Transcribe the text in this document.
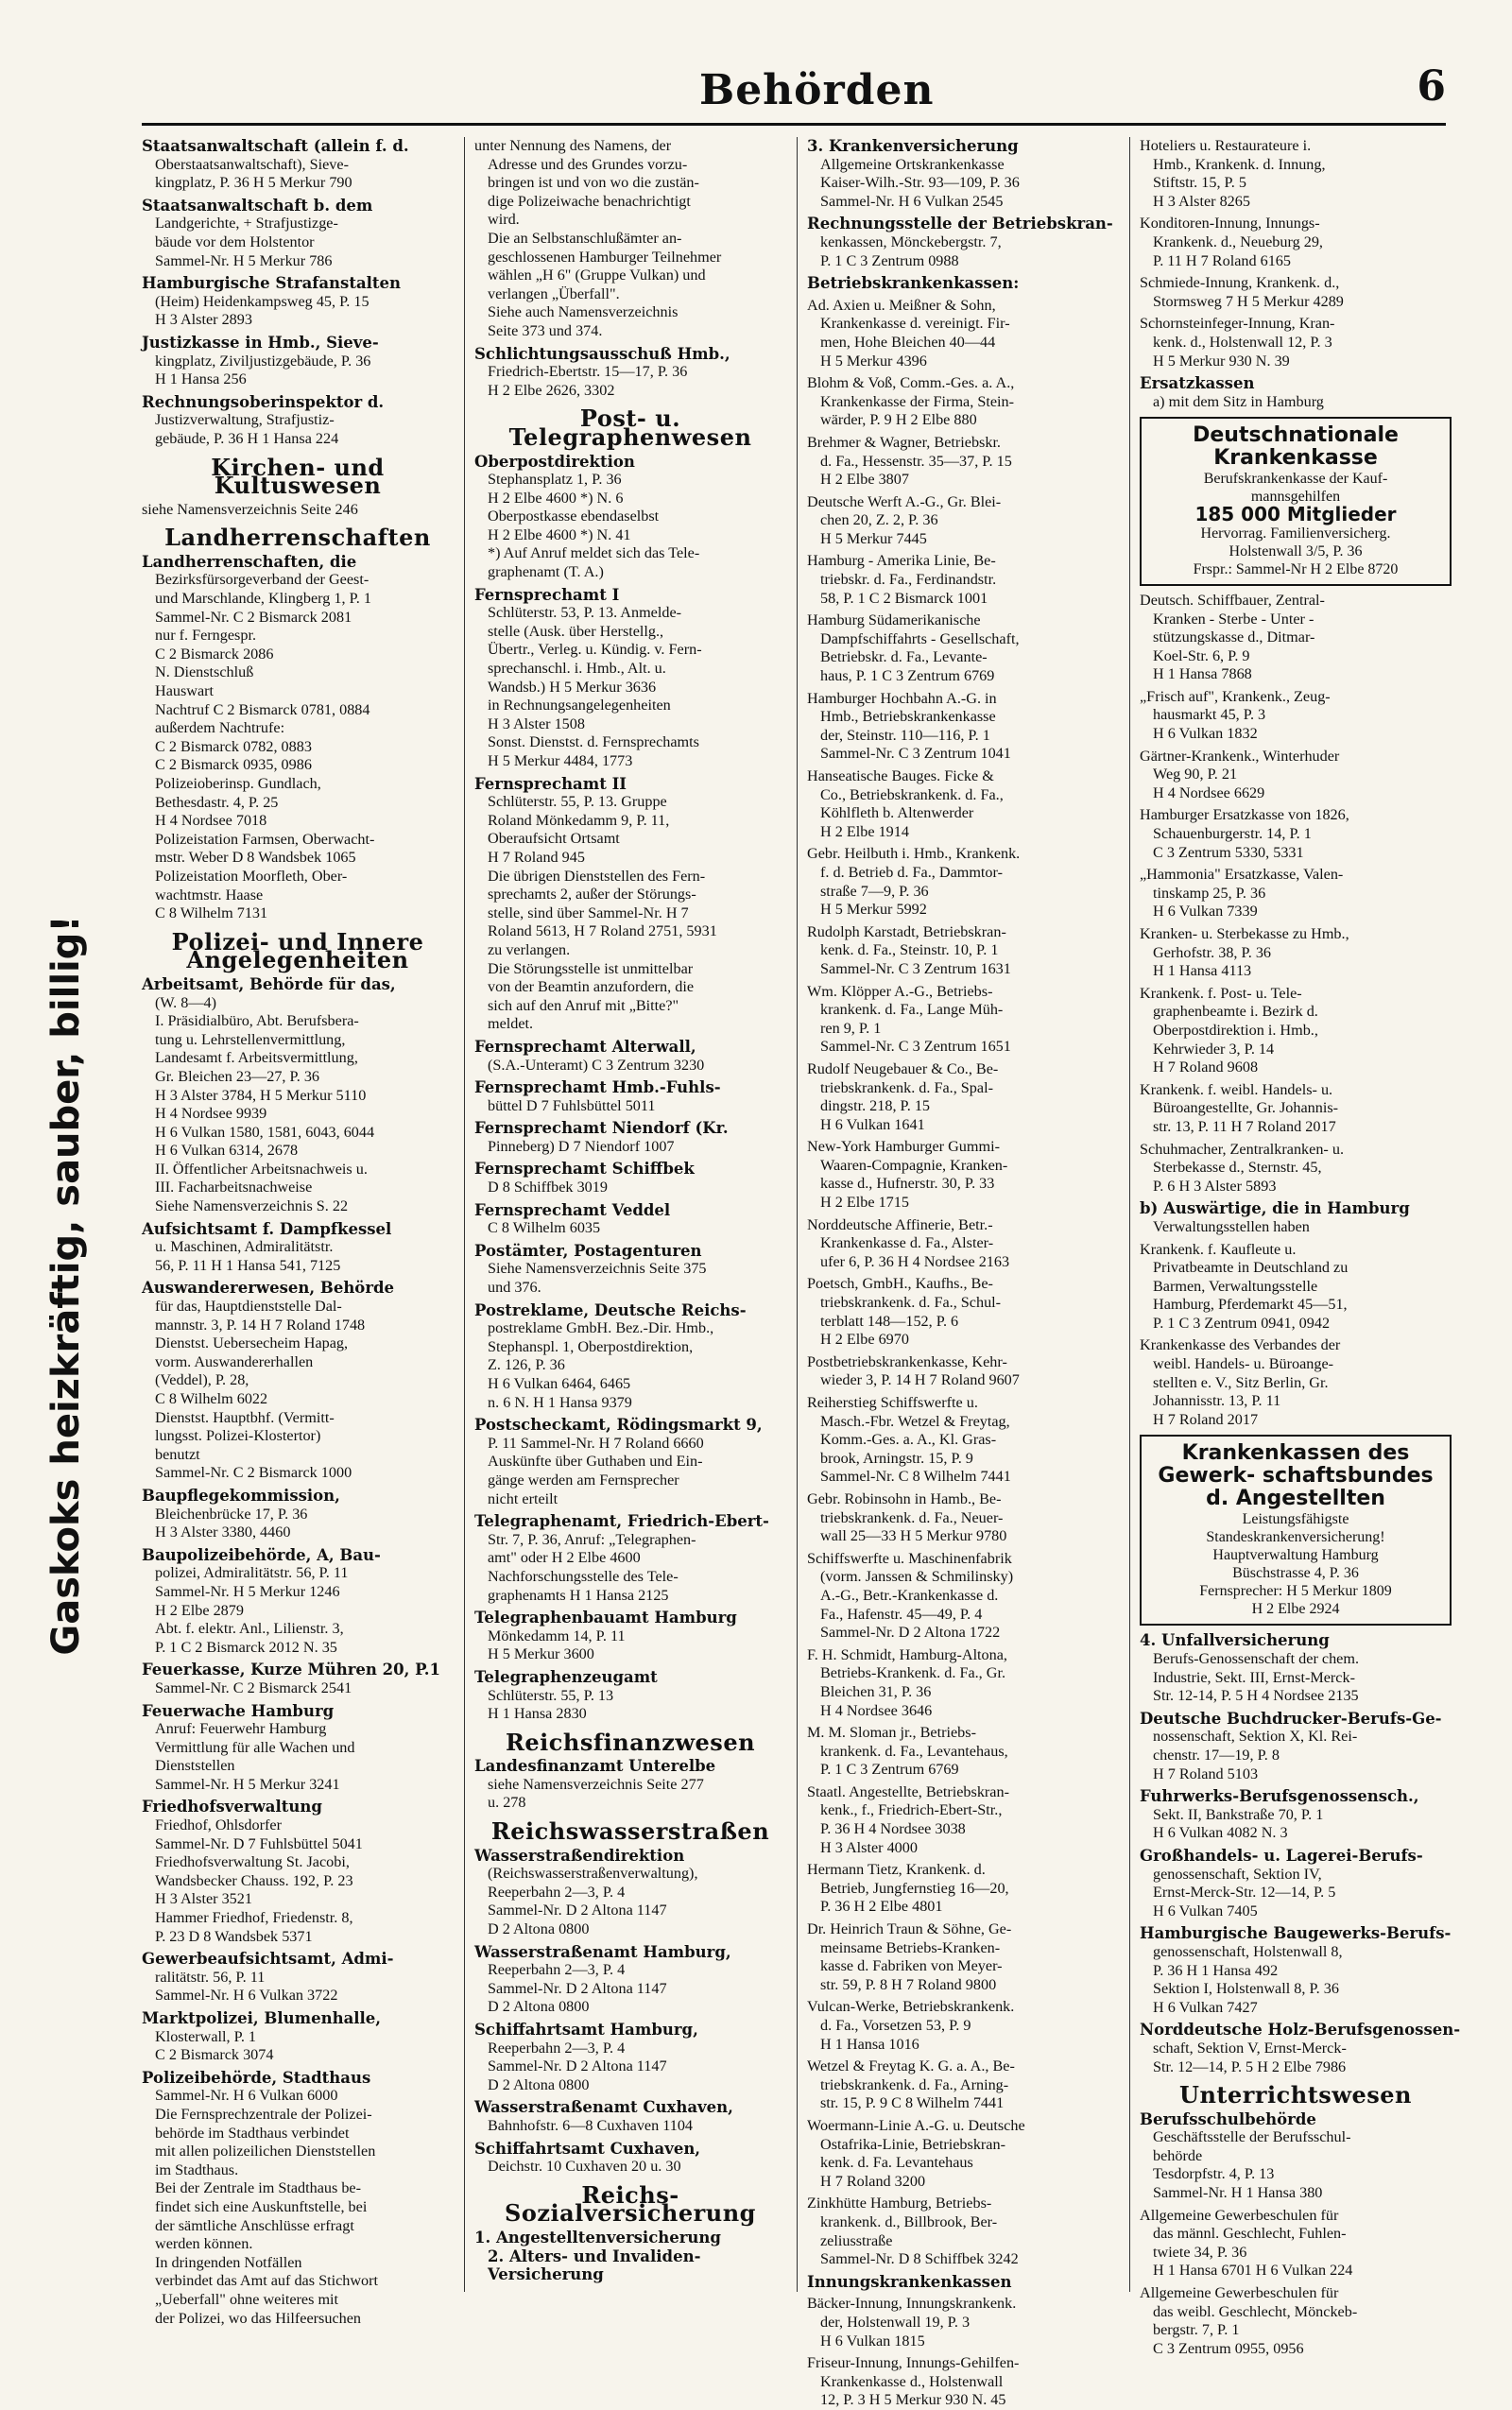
Behörden	6
Gaskoks heizkräftig, sauber, billig!
Staatsanwaltschaft (allein f. d.
Oberstaatsanwaltschaft), Sieve-
kingplatz, P. 36 H 5 Merkur 790
Staatsanwaltschaft b. dem
Landgerichte, + Strafjustizge-
bäude vor dem Holstentor
Sammel-Nr. H 5 Merkur 786
Hamburgische Strafanstalten
(Heim) Heidenkampsweg 45, P. 15
H 3 Alster 2893
Justizkasse in Hmb., Sieve-
kingplatz, Ziviljustizgebäude, P. 36
H 1 Hansa 256
Rechnungsoberinspektor d.
Justizverwaltung, Strafjustiz-
gebäude, P. 36 H 1 Hansa 224
Kirchen- und Kultuswesen
siehe Namensverzeichnis Seite 246
Landherrenschaften
Landherrenschaften, die
Bezirksfürsorgeverband der Geest-
und Marschlande, Klingberg 1, P. 1
Sammel-Nr. C 2 Bismarck 2081
nur f. Ferngespr.
C 2 Bismarck 2086
N. Dienstschluß
Hauswart
Nachtruf C 2 Bismarck 0781, 0884
außerdem Nachtrufe:
C 2 Bismarck 0782, 0883
C 2 Bismarck 0935, 0986
Polizeioberinsp. Gundlach,
Bethesdastr. 4, P. 25
H 4 Nordsee 7018
Polizeistation Farmsen, Oberwacht-
mstr. Weber D 8 Wandsbek 1065
Polizeistation Moorfleth, Ober-
wachtmstr. Haase
C 8 Wilhelm 7131
Polizei- und Innere Angelegenheiten
Arbeitsamt, Behörde für das,
(W. 8—4)
I. Präsidialbüro, Abt. Berufsbera-
tung u. Lehrstellenvermittlung,
Landesamt f. Arbeitsvermittlung,
Gr. Bleichen 23—27, P. 36
H 3 Alster 3784, H 5 Merkur 5110
H 4 Nordsee 9939
H 6 Vulkan 1580, 1581, 6043, 6044
H 6 Vulkan 6314, 2678
II. Öffentlicher Arbeitsnachweis u.
III. Facharbeitsnachweise
Siehe Namensverzeichnis S. 22
Aufsichtsamt f. Dampfkessel
u. Maschinen, Admiralitätstr.
56, P. 11 H 1 Hansa 541, 7125
Auswandererwesen, Behörde
für das, Hauptdienststelle Dal-
mannstr. 3, P. 14 H 7 Roland 1748
Dienstst. Uebersecheim Hapag,
vorm. Auswandererhallen
(Veddel), P. 28,
C 8 Wilhelm 6022
Dienstst. Hauptbhf. (Vermitt-
lungsst. Polizei-Klostertor)
benutzt
Sammel-Nr. C 2 Bismarck 1000
Baupflegekommission,
Bleichenbrücke 17, P. 36
H 3 Alster 3380, 4460
Baupolizeibehörde, A, Bau-
polizei, Admiralitätstr. 56, P. 11
Sammel-Nr. H 5 Merkur 1246
H 2 Elbe 2879
Abt. f. elektr. Anl., Lilienstr. 3,
P. 1 C 2 Bismarck 2012 N. 35
Feuerkasse, Kurze Mühren 20, P.1
Sammel-Nr. C 2 Bismarck 2541
Feuerwache Hamburg
Anruf: Feuerwehr Hamburg
Vermittlung für alle Wachen und
Dienststellen
Sammel-Nr. H 5 Merkur 3241
Friedhofsverwaltung
Friedhof, Ohlsdorfer
Sammel-Nr. D 7 Fuhlsbüttel 5041
Friedhofsverwaltung St. Jacobi,
Wandsbecker Chauss. 192, P. 23
H 3 Alster 3521
Hammer Friedhof, Friedenstr. 8,
P. 23 D 8 Wandsbek 5371
Gewerbeaufsichtsamt, Admi-
ralitätstr. 56, P. 11
Sammel-Nr. H 6 Vulkan 3722
Marktpolizei, Blumenhalle,
Klosterwall, P. 1
C 2 Bismarck 3074
Polizeibehörde, Stadthaus
Sammel-Nr. H 6 Vulkan 6000
Die Fernsprechzentrale der Polizei-
behörde im Stadthaus verbindet
mit allen polizeilichen Dienststellen
im Stadthaus.
Bei der Zentrale im Stadthaus be-
findet sich eine Auskunftstelle, bei
der sämtliche Anschlüsse erfragt
werden können.
In dringenden Notfällen
verbindet das Amt auf das Stichwort
„Ueberfall" ohne weiteres mit
der Polizei, wo das Hilfeersuchen
unter Nennung des Namens, der
Adresse und des Grundes vorzu-
bringen ist und von wo die zustän-
dige Polizeiwache benachrichtigt
wird.
Die an Selbstanschlußämter an-
geschlossenen Hamburger Teilnehmer
wählen „H 6" (Gruppe Vulkan) und
verlangen „Überfall".
Siehe auch Namensverzeichnis
Seite 373 und 374.
Schlichtungsausschuß Hmb.,
Friedrich-Ebertstr. 15—17, P. 36
H 2 Elbe 2626, 3302
Post- u. Telegraphenwesen
Oberpostdirektion
Stephansplatz 1, P. 36
H 2 Elbe 4600 *) N. 6
Oberpostkasse ebendaselbst
H 2 Elbe 4600 *) N. 41
*) Auf Anruf meldet sich das Tele-
graphenamt (T. A.)
Fernsprechamt I
Schlüterstr. 53, P. 13. Anmelde-
stelle (Ausk. über Herstellg.,
Übertr., Verleg. u. Kündig. v. Fern-
sprechanschl. i. Hmb., Alt. u.
Wandsb.) H 5 Merkur 3636
in Rechnungsangelegenheiten
H 3 Alster 1508
Sonst. Dienstst. d. Fernsprechamts
H 5 Merkur 4484, 1773
Fernsprechamt II
Schlüterstr. 55, P. 13. Gruppe
Roland Mönkedamm 9, P. 11,
Oberaufsicht Ortsamt
H 7 Roland 945
Die übrigen Dienststellen des Fern-
sprechamts 2, außer der Störungs-
stelle, sind über Sammel-Nr. H 7
Roland 5613, H 7 Roland 2751, 5931
zu verlangen.
Die Störungsstelle ist unmittelbar
von der Beamtin anzufordern, die
sich auf den Anruf mit „Bitte?"
meldet.
Fernsprechamt Alterwall,
(S.A.-Unteramt) C 3 Zentrum 3230
Fernsprechamt Hmb.-Fuhls-
büttel D 7 Fuhlsbüttel 5011
Fernsprechamt Niendorf (Kr.
Pinneberg) D 7 Niendorf 1007
Fernsprechamt Schiffbek
D 8 Schiffbek 3019
Fernsprechamt Veddel
C 8 Wilhelm 6035
Postämter, Postagenturen
Siehe Namensverzeichnis Seite 375
und 376.
Postreklame, Deutsche Reichs-
postreklame GmbH. Bez.-Dir. Hmb.,
Stephanspl. 1, Oberpostdirektion,
Z. 126, P. 36
H 6 Vulkan 6464, 6465
n. 6 N. H 1 Hansa 9379
Postscheckamt, Rödingsmarkt 9,
P. 11 Sammel-Nr. H 7 Roland 6660
Auskünfte über Guthaben und Ein-
gänge werden am Fernsprecher
nicht erteilt
Telegraphenamt, Friedrich-Ebert-
Str. 7, P. 36, Anruf: „Telegraphen-
amt" oder H 2 Elbe 4600
Nachforschungsstelle des Tele-
graphenamts H 1 Hansa 2125
Telegraphenbauamt Hamburg
Mönkedamm 14, P. 11
H 5 Merkur 3600
Telegraphenzeugamt
Schlüterstr. 55, P. 13
H 1 Hansa 2830
Reichsfinanzwesen
Landesfinanzamt Unterelbe
siehe Namensverzeichnis Seite 277
u. 278
Reichswasserstraßen
Wasserstraßendirektion
(Reichswasserstraßenverwaltung),
Reeperbahn 2—3, P. 4
Sammel-Nr. D 2 Altona 1147
D 2 Altona 0800
Wasserstraßenamt Hamburg,
Reeperbahn 2—3, P. 4
Sammel-Nr. D 2 Altona 1147
D 2 Altona 0800
Schiffahrtsamt Hamburg,
Reeperbahn 2—3, P. 4
Sammel-Nr. D 2 Altona 1147
D 2 Altona 0800
Wasserstraßenamt Cuxhaven,
Bahnhofstr. 6—8 Cuxhaven 1104
Schiffahrtsamt Cuxhaven,
Deichstr. 10 Cuxhaven 20 u. 30
Reichs-Sozialversicherung
1. Angestelltenversicherung
2. Alters- und Invaliden-
Versicherung
3. Krankenversicherung
Allgemeine Ortskrankenkasse
Kaiser-Wilh.-Str. 93—109, P. 36
Sammel-Nr. H 6 Vulkan 2545
Rechnungsstelle der Betriebskran-
kenkassen, Mönckebergstr. 7,
P. 1 C 3 Zentrum 0988
Betriebskrankenkassen:
Ad. Axien u. Meißner & Sohn,
Krankenkasse d. vereinigt. Fir-
men, Hohe Bleichen 40—44
H 5 Merkur 4396
Blohm & Voß, Comm.-Ges. a. A.,
Krankenkasse der Firma, Stein-
wärder, P. 9 H 2 Elbe 880
Brehmer & Wagner, Betriebskr.
d. Fa., Hessenstr. 35—37, P. 15
H 2 Elbe 3807
Deutsche Werft A.-G., Gr. Blei-
chen 20, Z. 2, P. 36
H 5 Merkur 7445
Hamburg - Amerika Linie, Be-
triebskr. d. Fa., Ferdinandstr.
58, P. 1 C 2 Bismarck 1001
Hamburg Südamerikanische
Dampfschiffahrts - Gesellschaft,
Betriebskr. d. Fa., Levante-
haus, P. 1 C 3 Zentrum 6769
Hamburger Hochbahn A.-G. in
Hmb., Betriebskrankenkasse
der, Steinstr. 110—116, P. 1
Sammel-Nr. C 3 Zentrum 1041
Hanseatische Bauges. Ficke &
Co., Betriebskrankenk. d. Fa.,
Köhlfleth b. Altenwerder
H 2 Elbe 1914
Gebr. Heilbuth i. Hmb., Krankenk.
f. d. Betrieb d. Fa., Dammtor-
straße 7—9, P. 36
H 5 Merkur 5992
Rudolph Karstadt, Betriebskran-
kenk. d. Fa., Steinstr. 10, P. 1
Sammel-Nr. C 3 Zentrum 1631
Wm. Klöpper A.-G., Betriebs-
krankenk. d. Fa., Lange Müh-
ren 9, P. 1
Sammel-Nr. C 3 Zentrum 1651
Rudolf Neugebauer & Co., Be-
triebskrankenk. d. Fa., Spal-
dingstr. 218, P. 15
H 6 Vulkan 1641
New-York Hamburger Gummi-
Waaren-Compagnie, Kranken-
kasse d., Hufnerstr. 30, P. 33
H 2 Elbe 1715
Norddeutsche Affinerie, Betr.-
Krankenkasse d. Fa., Alster-
ufer 6, P. 36 H 4 Nordsee 2163
Poetsch, GmbH., Kaufhs., Be-
triebskrankenk. d. Fa., Schul-
terblatt 148—152, P. 6
H 2 Elbe 6970
Postbetriebskrankenkasse, Kehr-
wieder 3, P. 14 H 7 Roland 9607
Reiherstieg Schiffswerfte u.
Masch.-Fbr. Wetzel & Freytag,
Komm.-Ges. a. A., Kl. Gras-
brook, Arningstr. 15, P. 9
Sammel-Nr. C 8 Wilhelm 7441
Gebr. Robinsohn in Hamb., Be-
triebskrankenk. d. Fa., Neuer-
wall 25—33 H 5 Merkur 9780
Schiffswerfte u. Maschinenfabrik
(vorm. Janssen & Schmilinsky)
A.-G., Betr.-Krankenkasse d.
Fa., Hafenstr. 45—49, P. 4
Sammel-Nr. D 2 Altona 1722
F. H. Schmidt, Hamburg-Altona,
Betriebs-Krankenk. d. Fa., Gr.
Bleichen 31, P. 36
H 4 Nordsee 3646
M. M. Sloman jr., Betriebs-
krankenk. d. Fa., Levantehaus,
P. 1 C 3 Zentrum 6769
Staatl. Angestellte, Betriebskran-
kenk., f., Friedrich-Ebert-Str.,
P. 36 H 4 Nordsee 3038
H 3 Alster 4000
Hermann Tietz, Krankenk. d.
Betrieb, Jungfernstieg 16—20,
P. 36 H 2 Elbe 4801
Dr. Heinrich Traun & Söhne, Ge-
meinsame Betriebs-Kranken-
kasse d. Fabriken von Meyer-
str. 59, P. 8 H 7 Roland 9800
Vulcan-Werke, Betriebskrankenk.
d. Fa., Vorsetzen 53, P. 9
H 1 Hansa 1016
Wetzel & Freytag K. G. a. A., Be-
triebskrankenk. d. Fa., Arning-
str. 15, P. 9 C 8 Wilhelm 7441
Woermann-Linie A.-G. u. Deutsche
Ostafrika-Linie, Betriebskran-
kenk. d. Fa. Levantehaus
H 7 Roland 3200
Zinkhütte Hamburg, Betriebs-
krankenk. d., Billbrook, Ber-
zeliusstraße
Sammel-Nr. D 8 Schiffbek 3242
Innungskrankenkassen
Bäcker-Innung, Innungskrankenk.
der, Holstenwall 19, P. 3
H 6 Vulkan 1815
Friseur-Innung, Innungs-Gehilfen-
Krankenkasse d., Holstenwall
12, P. 3 H 5 Merkur 930 N. 45
Hoteliers u. Restaurateure i.
Hmb., Krankenk. d. Innung,
Stiftstr. 15, P. 5
H 3 Alster 8265
Konditoren-Innung, Innungs-
Krankenk. d., Neueburg 29,
P. 11 H 7 Roland 6165
Schmiede-Innung, Krankenk. d.,
Stormsweg 7 H 5 Merkur 4289
Schornsteinfeger-Innung, Kran-
kenk. d., Holstenwall 12, P. 3
H 5 Merkur 930 N. 39
Ersatzkassen
a) mit dem Sitz in Hamburg
Deutschnationale Krankenkasse
Berufskrankenkasse der Kauf-
mannsgehilfen
185 000 Mitglieder
Hervorrag. Familienversicherg.
Holstenwall 3/5, P. 36
Frspr.: Sammel-Nr H 2 Elbe 8720
Deutsch. Schiffbauer, Zentral-
Kranken - Sterbe - Unter -
stützungskasse d., Ditmar-
Koel-Str. 6, P. 9
H 1 Hansa 7868
„Frisch auf", Krankenk., Zeug-
hausmarkt 45, P. 3
H 6 Vulkan 1832
Gärtner-Krankenk., Winterhuder
Weg 90, P. 21
H 4 Nordsee 6629
Hamburger Ersatzkasse von 1826,
Schauenburgerstr. 14, P. 1
C 3 Zentrum 5330, 5331
„Hammonia" Ersatzkasse, Valen-
tinskamp 25, P. 36
H 6 Vulkan 7339
Kranken- u. Sterbekasse zu Hmb.,
Gerhofstr. 38, P. 36
H 1 Hansa 4113
Krankenk. f. Post- u. Tele-
graphenbeamte i. Bezirk d.
Oberpostdirektion i. Hmb.,
Kehrwieder 3, P. 14
H 7 Roland 9608
Krankenk. f. weibl. Handels- u.
Büroangestellte, Gr. Johannis-
str. 13, P. 11 H 7 Roland 2017
Schuhmacher, Zentralkranken- u.
Sterbekasse d., Sternstr. 45,
P. 6 H 3 Alster 5893
b) Auswärtige, die in Hamburg
Verwaltungsstellen haben
Krankenk. f. Kaufleute u.
Privatbeamte in Deutschland zu
Barmen, Verwaltungsstelle
Hamburg, Pferdemarkt 45—51,
P. 1 C 3 Zentrum 0941, 0942
Krankenkasse des Verbandes der
weibl. Handels- u. Büroange-
stellten e. V., Sitz Berlin, Gr.
Johannisstr. 13, P. 11
H 7 Roland 2017
Krankenkassen des Gewerk- schaftsbundes d. Angestellten
Leistungsfähigste
Standeskrankenversicherung!
Hauptverwaltung Hamburg
Büschstrasse 4, P. 36
Fernsprecher: H 5 Merkur 1809
H 2 Elbe 2924
4. Unfallversicherung
Berufs-Genossenschaft der chem.
Industrie, Sekt. III, Ernst-Merck-
Str. 12-14, P. 5 H 4 Nordsee 2135
Deutsche Buchdrucker-Berufs-Ge-
nossenschaft, Sektion X, Kl. Rei-
chenstr. 17—19, P. 8
H 7 Roland 5103
Fuhrwerks-Berufsgenossensch.,
Sekt. II, Bankstraße 70, P. 1
H 6 Vulkan 4082 N. 3
Großhandels- u. Lagerei-Berufs-
genossenschaft, Sektion IV,
Ernst-Merck-Str. 12—14, P. 5
H 6 Vulkan 7405
Hamburgische Baugewerks-Berufs-
genossenschaft, Holstenwall 8,
P. 36 H 1 Hansa 492
Sektion I, Holstenwall 8, P. 36
H 6 Vulkan 7427
Norddeutsche Holz-Berufsgenossen-
schaft, Sektion V, Ernst-Merck-
Str. 12—14, P. 5 H 2 Elbe 7986
Unterrichtswesen
Berufsschulbehörde
Geschäftsstelle der Berufsschul-
behörde
Tesdorpfstr. 4, P. 13
Sammel-Nr. H 1 Hansa 380
Allgemeine Gewerbeschulen für
das männl. Geschlecht, Fuhlen-
twiete 34, P. 36
H 1 Hansa 6701 H 6 Vulkan 224
Allgemeine Gewerbeschulen für
das weibl. Geschlecht, Mönckeb-
bergstr. 7, P. 1
C 3 Zentrum 0955, 0956
